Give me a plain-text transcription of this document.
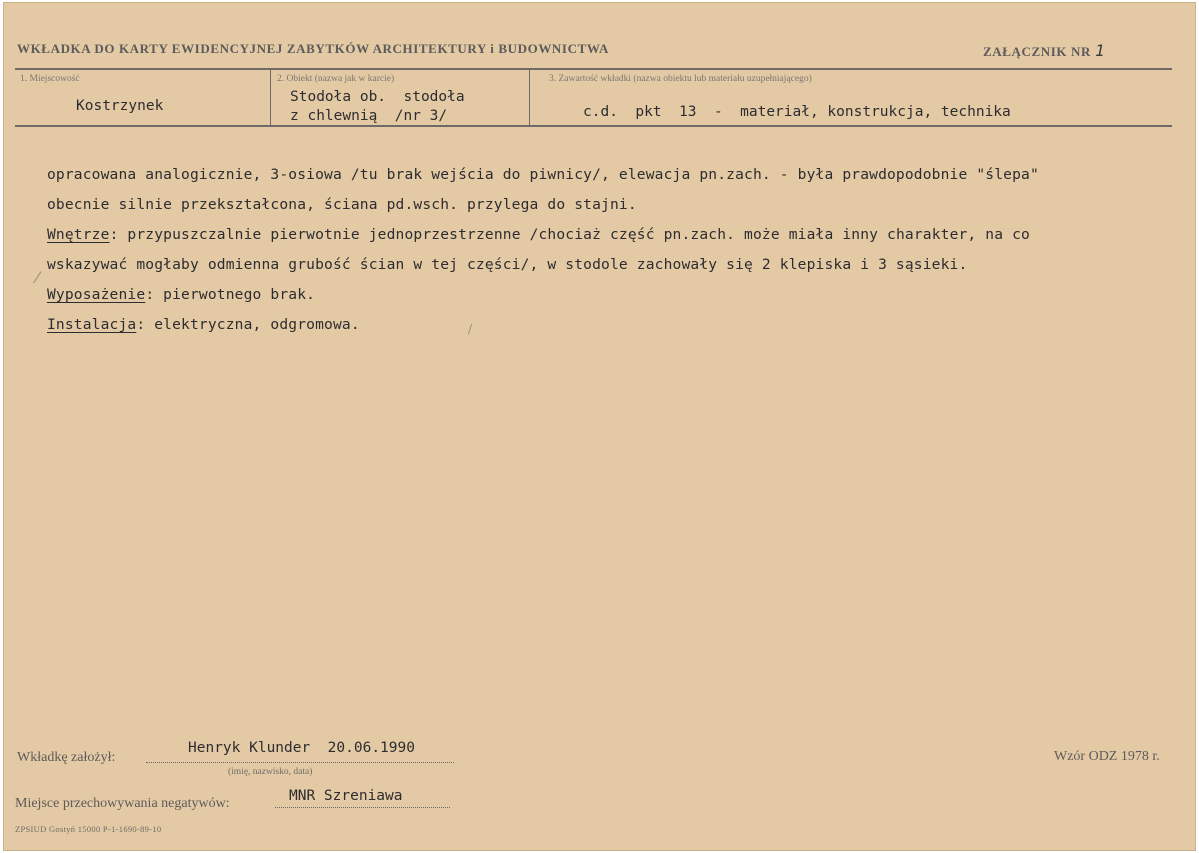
WKŁADKA DO KARTY EWIDENCYJNEJ ZABYTKÓW ARCHITEKTURY i BUDOWNICTWA	ZAŁĄCZNIK NR 1
1. Miejscowość
Kostrzynek
2. Obiekt (nazwa jak w karcie)
Stodoła ob.  stodoła
z chlewnią  /nr 3/
3. Zawartość wkładki (nazwa obiektu lub materiału uzupełniającego)
c.d.  pkt  13  -  materiał, konstrukcja, technika

opracowana analogicznie, 3-osiowa /tu brak wejścia do piwnicy/, elewacja pn.zach. - była prawdopodobnie "ślepa"

obecnie silnie przekształcona, ściana pd.wsch. przylega do stajni.

Wnętrze: przypuszczalnie pierwotnie jednoprzestrzenne /chociaż część pn.zach. może miała inny charakter, na co

wskazywać mogłaby odmienna grubość ścian w tej części/, w stodole zachowały się 2 klepiska i 3 sąsieki.

Wyposażenie: pierwotnego brak.

Instalacja: elektryczna, odgromowa.

⁄
/
Wkładkę założył:
Henryk Klunder  20.06.1990
(imię, nazwisko, data)
Miejsce przechowywania negatywów:	MNR Szreniawa
Wzór ODZ 1978 r.
ZPSIUD Gostyń 15000 P-1-1690-89-10
